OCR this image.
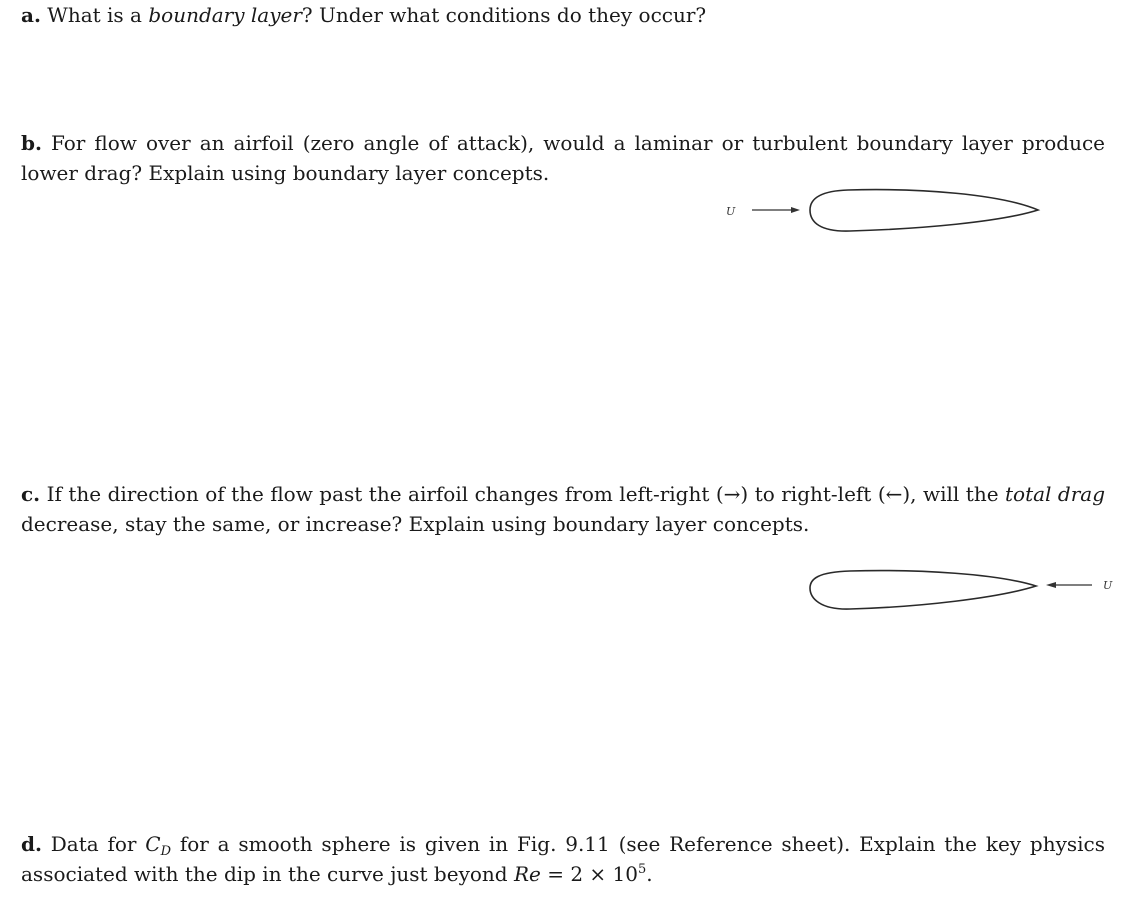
a. What is a boundary layer? Under what conditions do they occur?
b. For flow over an airfoil (zero angle of attack), would a laminar or turbulent boundary layer produce lower drag? Explain using boundary layer concepts.
U
c. If the direction of the flow past the airfoil changes from left-right (→) to right-left (←), will the total drag decrease, stay the same, or increase? Explain using boundary layer concepts.
U
d. Data for $C_D$ for a smooth sphere is given in Fig. 9.11 (see Reference sheet). Explain the key physics associated with the dip in the curve just beyond $Re = 2 \times 10^5$.
